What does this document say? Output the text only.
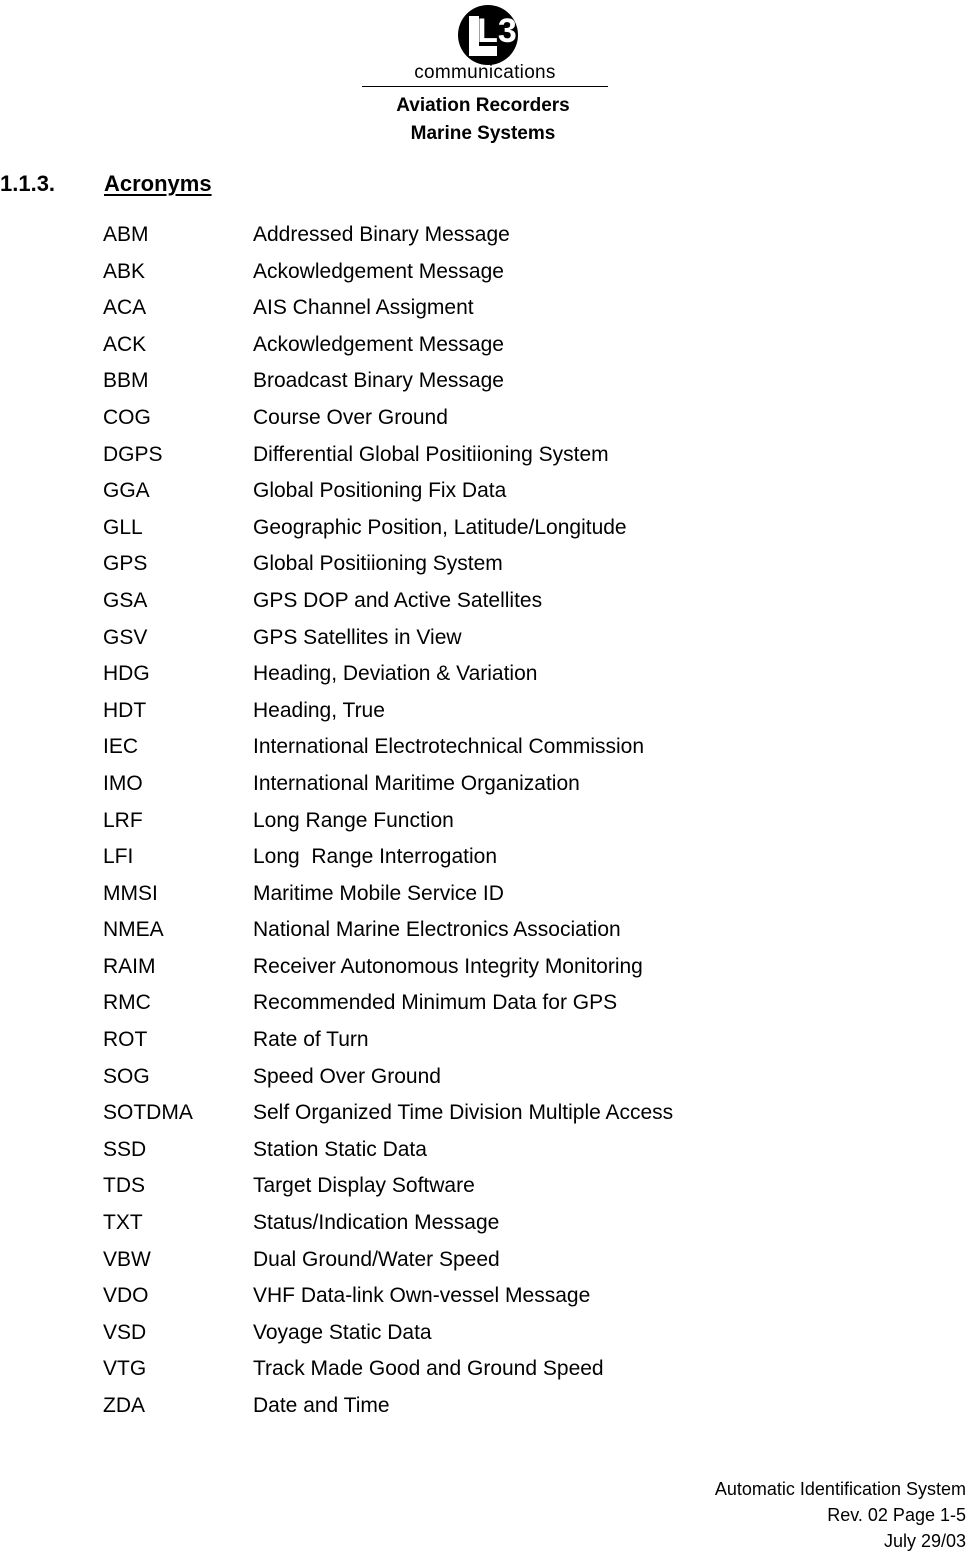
L3
communications
Aviation Recorders
Marine Systems
1.1.3. Acronyms
ABM	Addressed Binary Message
ABK	Ackowledgement Message
ACA	AIS Channel Assigment
ACK	Ackowledgement Message
BBM	Broadcast Binary Message
COG	Course Over Ground
DGPS	Differential Global Positiioning System
GGA	Global Positioning Fix Data
GLL	Geographic Position, Latitude/Longitude
GPS	Global Positiioning System
GSA	GPS DOP and Active Satellites
GSV	GPS Satellites in View
HDG	Heading, Deviation & Variation
HDT	Heading, True
IEC	International Electrotechnical Commission
IMO	International Maritime Organization
LRF	Long Range Function
LFI	Long  Range Interrogation
MMSI	Maritime Mobile Service ID
NMEA	National Marine Electronics Association
RAIM	Receiver Autonomous Integrity Monitoring
RMC	Recommended Minimum Data for GPS
ROT	Rate of Turn
SOG	Speed Over Ground
SOTDMA	Self Organized Time Division Multiple Access
SSD	Station Static Data
TDS	Target Display Software
TXT	Status/Indication Message
VBW	Dual Ground/Water Speed
VDO	VHF Data-link Own-vessel Message
VSD	Voyage Static Data
VTG	Track Made Good and Ground Speed
ZDA	Date and Time
Automatic Identification System
Rev. 02 Page 1-5
July 29/03
